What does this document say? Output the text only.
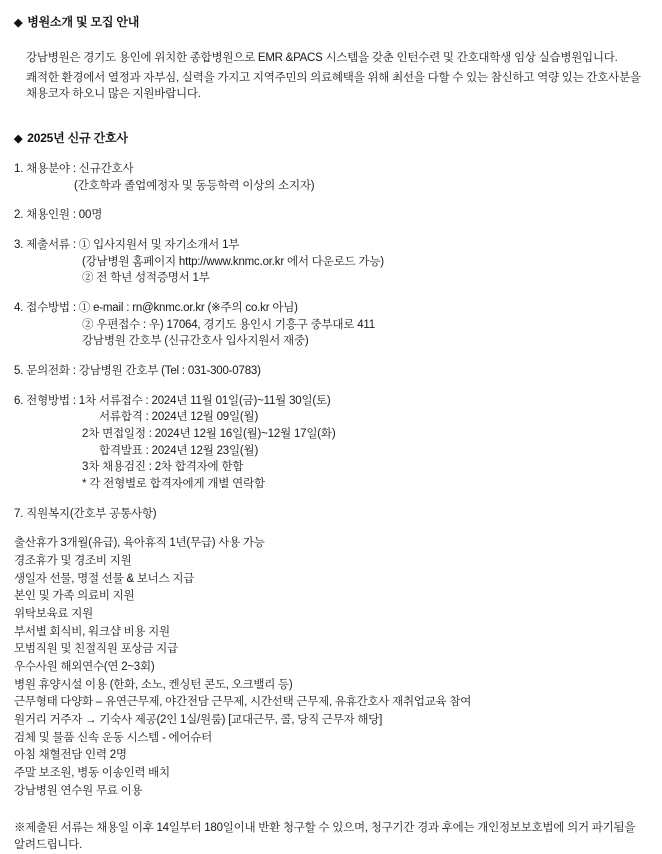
◆ 병원소개 및 모집 안내

강남병원은 경기도 용인에 위치한 종합병원으로 EMR &PACS 시스템을 갖춘 인턴수련 및 간호대학생 임상 실습병원입니다.

쾌적한 환경에서 열정과 자부심, 실력을 가지고 지역주민의 의료혜택을 위해 최선을 다할 수 있는 참신하고 역량 있는 간호사분을 채용코자 하오니 많은 지원바랍니다.

◆ 2025년 신규 간호사

1. 채용분야 : 신규간호사

(간호학과 졸업예정자 및 동등학력 이상의 소지자)

2. 채용인원 : 00명

3. 제출서류 : ① 입사지원서 및 자기소개서 1부

(강남병원 홈페이지 http://www.knmc.or.kr 에서 다운로드 가능)

② 전 학년 성적증명서 1부

4. 접수방법 : ① e-mail : rn@knmc.or.kr (※주의 co.kr 아님)

② 우편접수 : 우) 17064, 경기도 용인시 기흥구 중부대로 411

강남병원 간호부 (신규간호사 입사지원서 재중)

5. 문의전화 : 강남병원 간호부 (Tel : 031-300-0783)

6. 전형방법 : 1차 서류접수 : 2024년 11월 01일(금)~11월 30일(토)

서류합격 : 2024년 12월 09일(월)

2차 면접일정 : 2024년 12월 16일(월)~12월 17일(화)

합격발표 : 2024년 12월 23일(월)

3차 채용검진 : 2차 합격자에 한함

* 각 전형별로 합격자에게 개별 연락함

7. 직원복지(간호부 공통사항)

출산휴가 3개월(유급), 육아휴직 1년(무급) 사용 가능

경조휴가 및 경조비 지원

생일자 선물, 명절 선물 & 보너스 지급

본인 및 가족 의료비 지원

위탁보육료 지원

부서별 회식비, 워크샵 비용 지원

모범직원 및 친절직원 포상금 지급

우수사원 해외연수(연 2~3회)

병원 휴양시설 이용 (한화, 소노, 켄싱턴 콘도, 오크밸리 등)

근무형태 다양화 – 유연근무제, 야간전담 근무제, 시간선택 근무제, 유휴간호사 재취업교육 참여

원거리 거주자 → 기숙사 제공(2인 1실/원룸) [교대근무, 콜, 당직 근무자 해당]

검체 및 물품 신속 운동 시스템 - 에어슈터

아침 채혈전담 인력 2명

주말 보조원, 병동 이송인력 배치

강남병원 연수원 무료 이용

※제출된 서류는 채용일 이후 14일부터 180일이내 반환 청구할 수 있으며, 청구기간 경과 후에는 개인정보보호법에 의거 파기됨을 알려드립니다.
